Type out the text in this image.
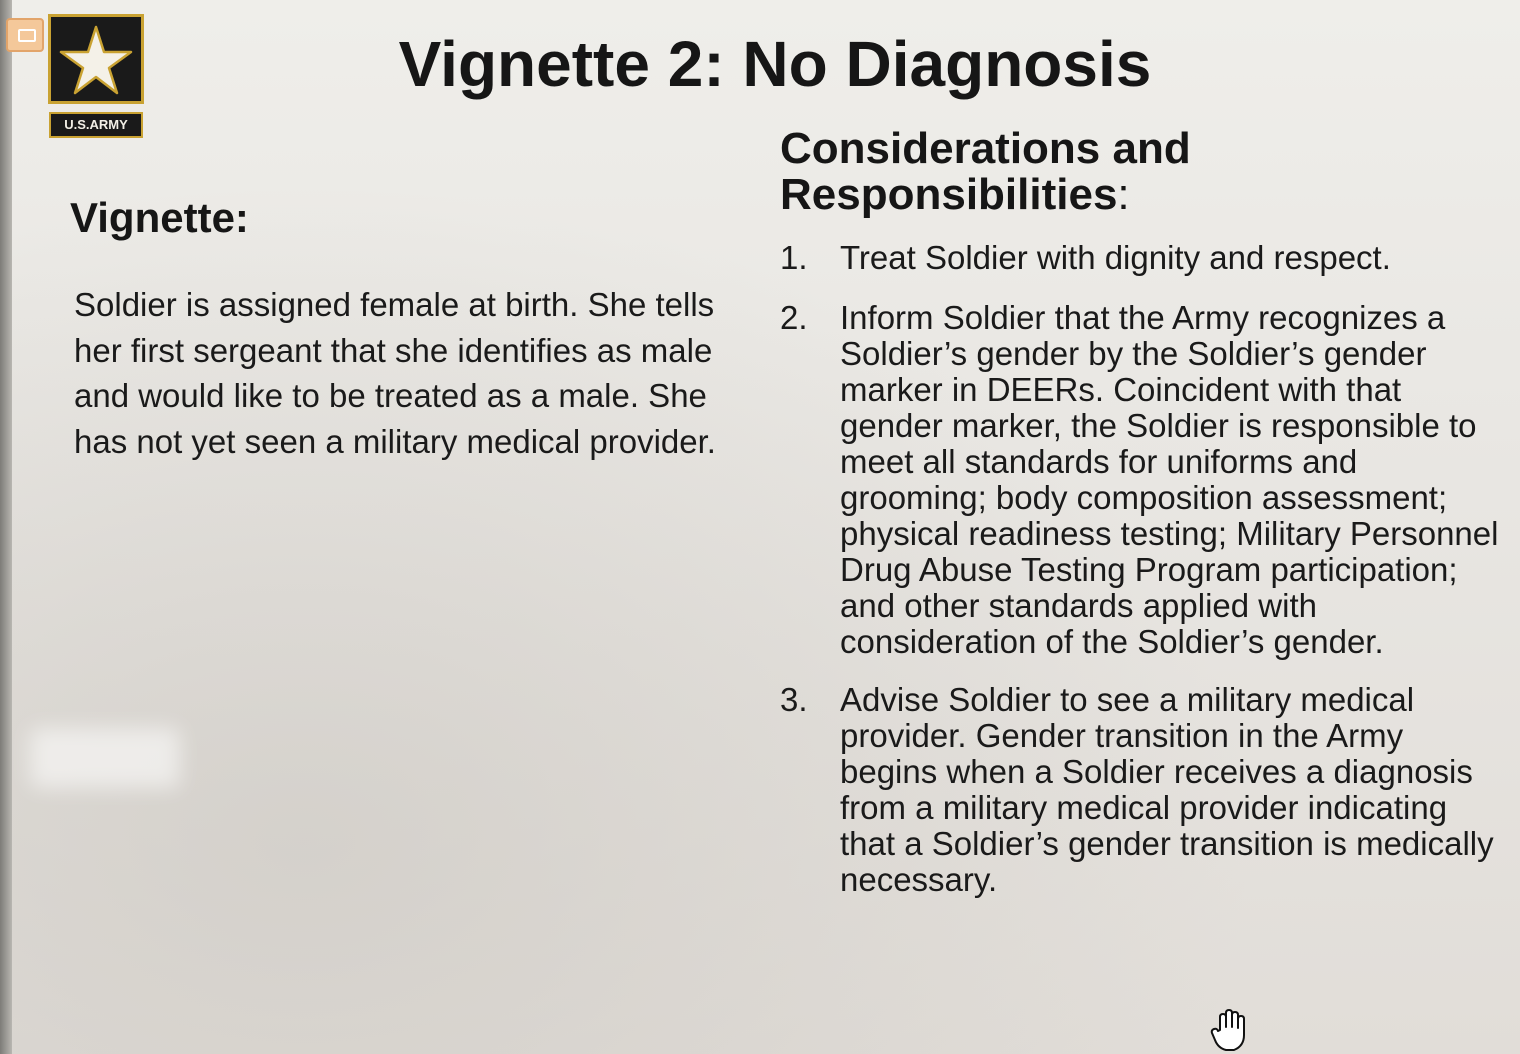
U.S.ARMY
Vignette 2: No Diagnosis
Vignette:
Soldier is assigned female at birth. She tells her first sergeant that she identifies as male and would like to be treated as a male. She has not yet seen a military medical provider.
Considerations and Responsibilities:
1. Treat Soldier with dignity and respect.
2. Inform Soldier that the Army recognizes a Soldier’s gender by the Soldier’s gender marker in DEERs. Coincident with that gender marker, the Soldier is responsible to meet all standards for uniforms and grooming; body composition assessment; physical readiness testing; Military Personnel Drug Abuse Testing Program participation; and other standards applied with consideration of the Soldier’s gender.
3. Advise Soldier to see a military medical provider. Gender transition in the Army begins when a Soldier receives a diagnosis from a military medical provider indicating that a Soldier’s gender transition is medically necessary.
